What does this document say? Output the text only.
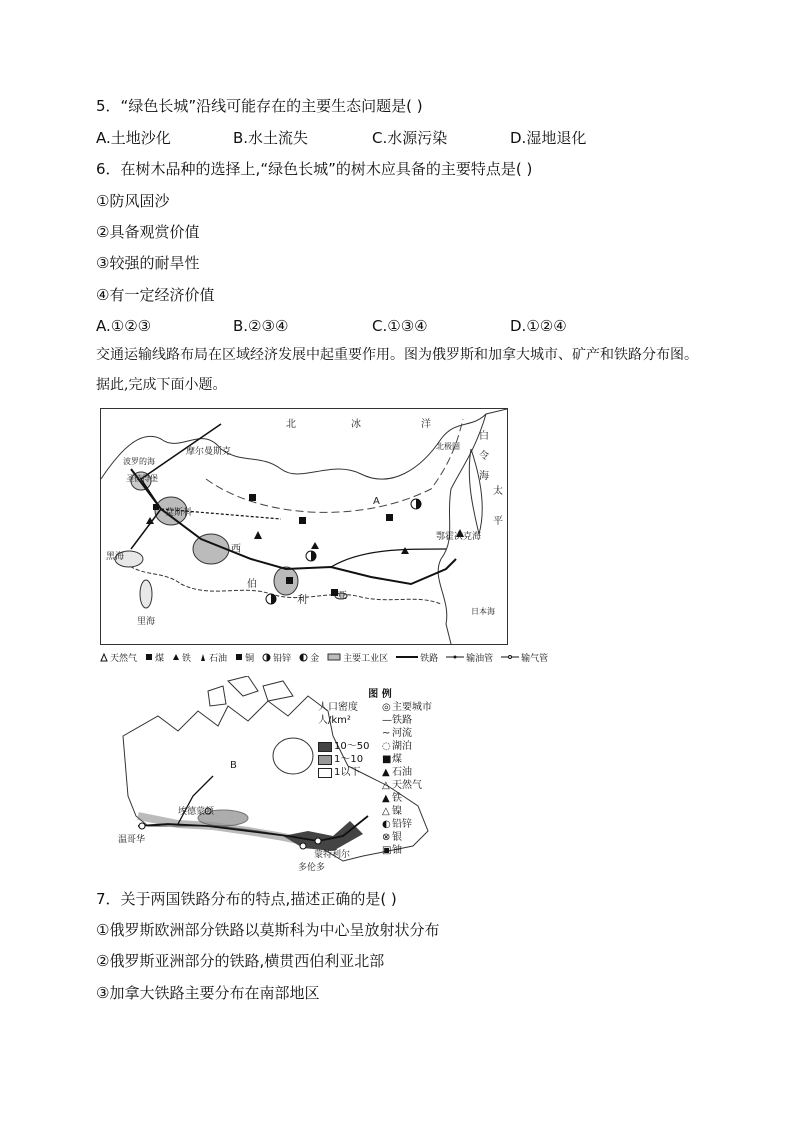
5．“绿色长城”沿线可能存在的主要生态问题是( )
A.土地沙化	B.水土流失	C.水源污染	D.湿地退化
6．在树木品种的选择上,“绿色长城”的树木应具备的主要特点是( )
①防风固沙
②具备观赏价值
③较强的耐旱性
④有一定经济价值
A.①②③	B.②③④	C.①③④	D.①②④
交通运输线路布局在区域经济发展中起重要作用。图为俄罗斯和加拿大城市、矿产和铁路分布图。据此,完成下面小题。
北	冰	洋
摩尔曼斯克
波罗的海
圣彼得堡
莫斯科
A
北极圈
西
伯
利	亚
黑海
里海
鄂霍次克海
白
令
海
太
平
日本海
天然气 煤 铁 石油 铜 铅锌 金	主要工业区	铁路	输油管	输气管
B
埃德蒙顿
温哥华
蒙特利尔
多伦多
图 例
人口密度
人/km²
10～50
1～10
1以下
◎主要城市
—铁路
~ 河流
◌湖泊
■煤
▲ 石油
△ 天然气
▲ 铁
△ 镍
◐铅锌
⊗ 银
▣铀
7．关于两国铁路分布的特点,描述正确的是( )
①俄罗斯欧洲部分铁路以莫斯科为中心呈放射状分布
②俄罗斯亚洲部分的铁路,横贯西伯利亚北部
③加拿大铁路主要分布在南部地区
